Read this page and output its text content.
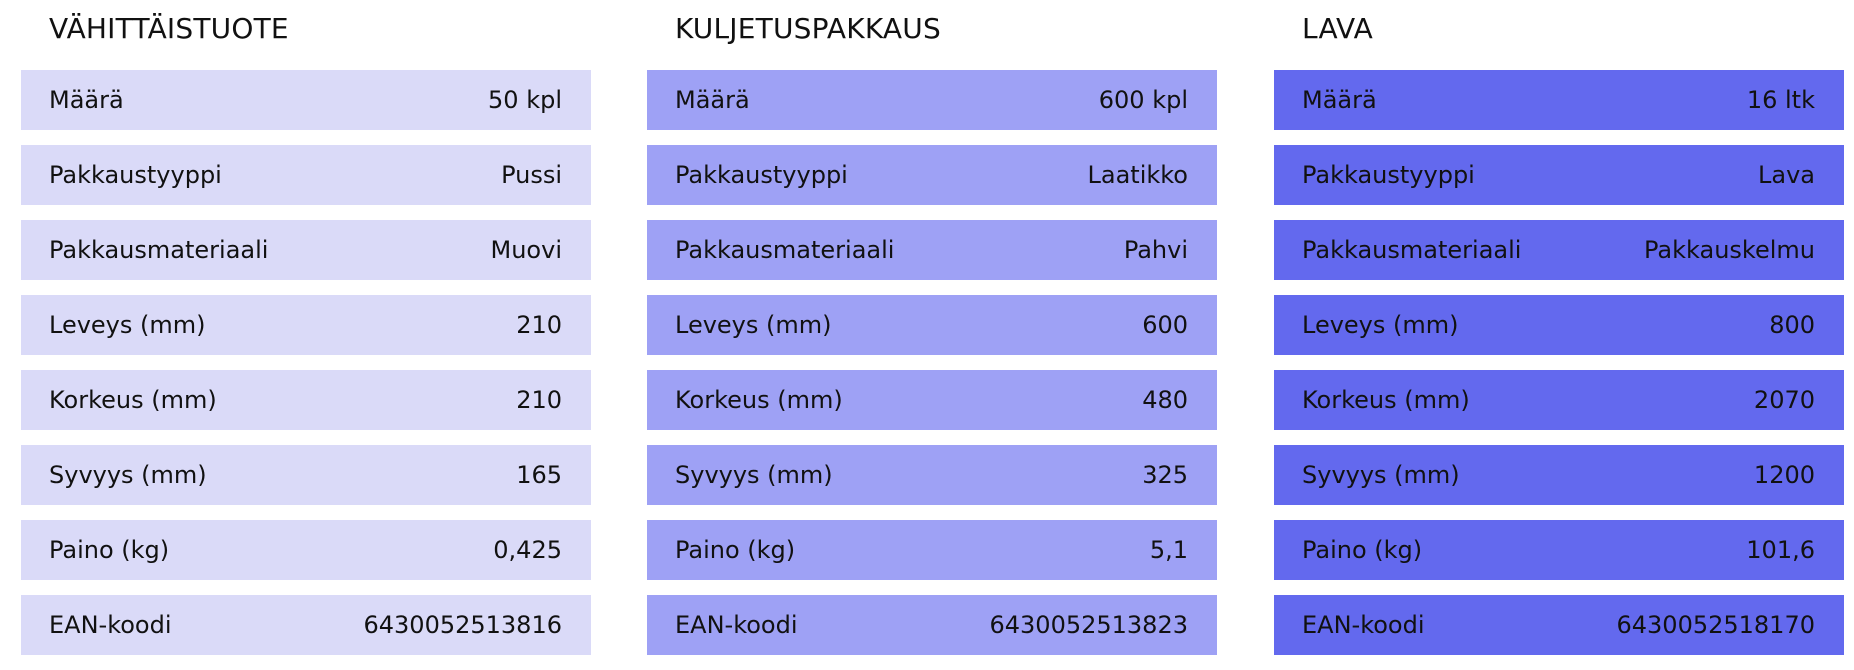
VÄHITTÄISTUOTE
Määrä	50 kpl
Pakkaustyyppi	Pussi
Pakkausmateriaali	Muovi
Leveys (mm)	210
Korkeus (mm)	210
Syvyys (mm)	165
Paino (kg)	0,425
EAN-koodi	6430052513816
KULJETUSPAKKAUS
Määrä	600 kpl
Pakkaustyyppi	Laatikko
Pakkausmateriaali	Pahvi
Leveys (mm)	600
Korkeus (mm)	480
Syvyys (mm)	325
Paino (kg)	5,1
EAN-koodi	6430052513823
LAVA
Määrä	16 ltk
Pakkaustyyppi	Lava
Pakkausmateriaali	Pakkauskelmu
Leveys (mm)	800
Korkeus (mm)	2070
Syvyys (mm)	1200
Paino (kg)	101,6
EAN-koodi	6430052518170
